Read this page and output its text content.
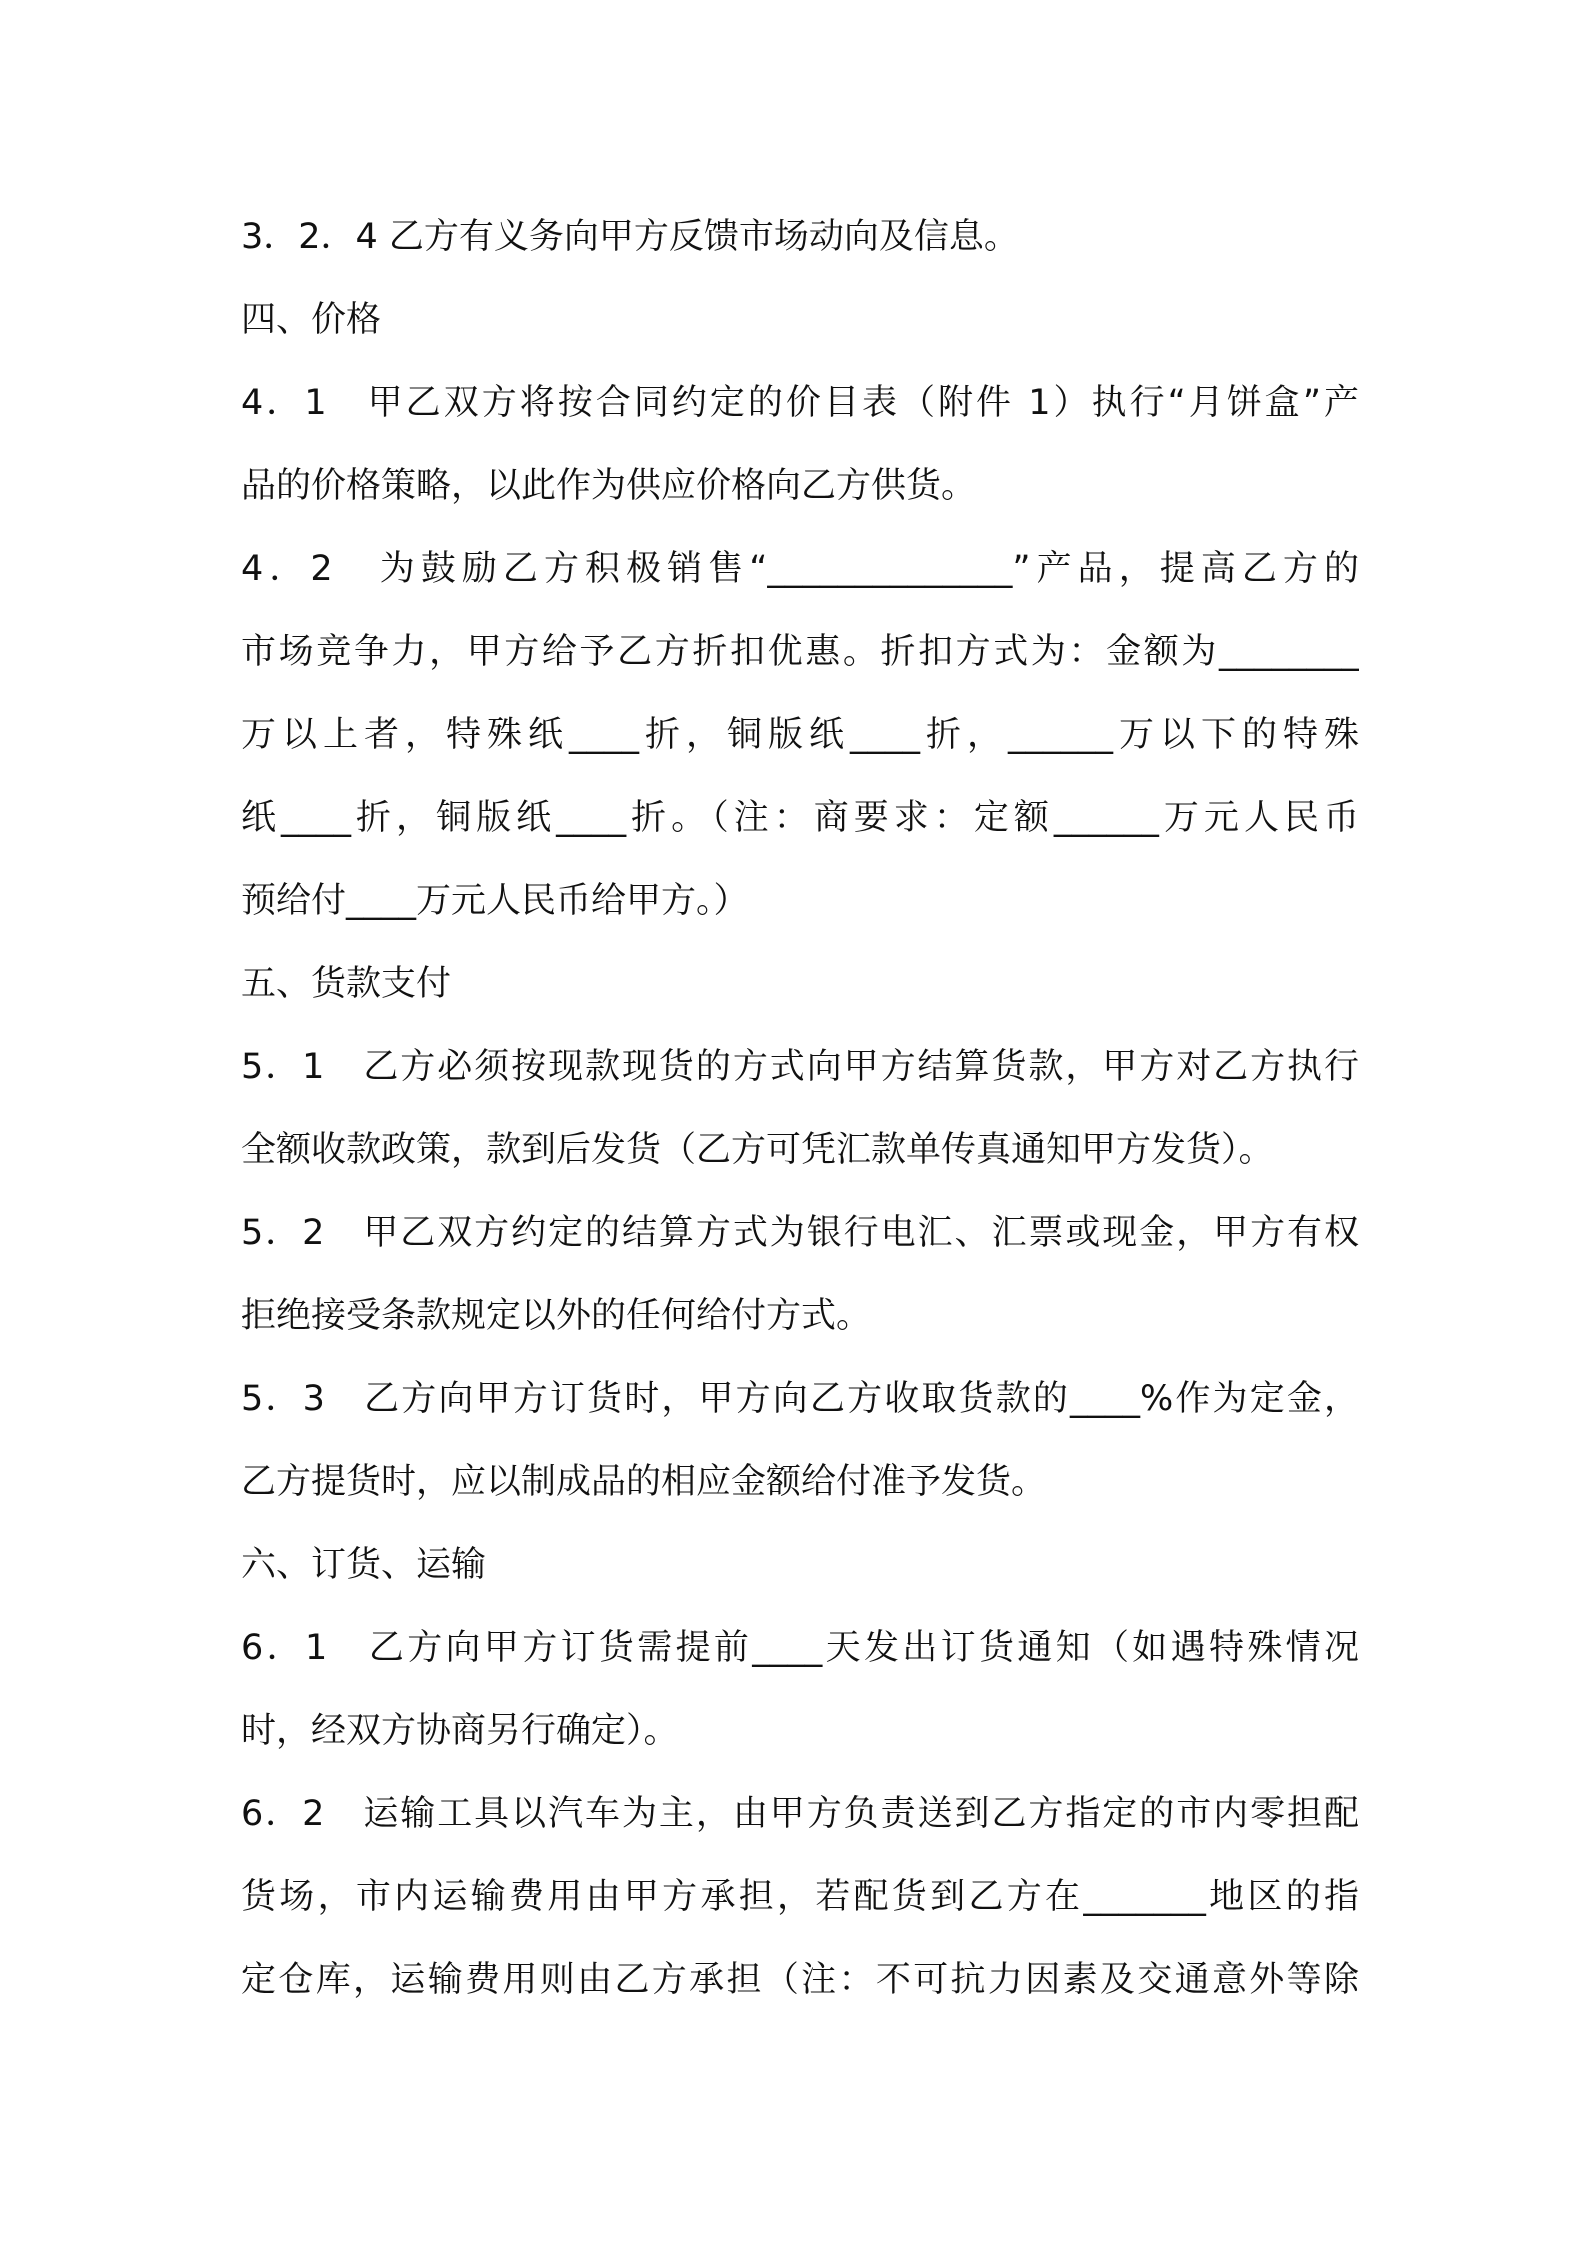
3．2．4 乙方有义务向甲方反馈市场动向及信息。
四、价格
4．1　甲乙双方将按合同约定的价目表（附件 1）执行“月饼盒”产
品的价格策略，以此作为供应价格向乙方供货。
4．2　为鼓励乙方积极销售“______________”产品，提高乙方的
市场竞争力，甲方给予乙方折扣优惠。折扣方式为：金额为________
万以上者，特殊纸____折，铜版纸____折，______万以下的特殊
纸____折，铜版纸____折。（注：商要求：定额______万元人民币
预给付____万元人民币给甲方。）
五、货款支付
5．1　乙方必须按现款现货的方式向甲方结算货款，甲方对乙方执行
全额收款政策，款到后发货（乙方可凭汇款单传真通知甲方发货）。
5．2　甲乙双方约定的结算方式为银行电汇、汇票或现金，甲方有权
拒绝接受条款规定以外的任何给付方式。
5．3　乙方向甲方订货时，甲方向乙方收取货款的____%作为定金，
乙方提货时，应以制成品的相应金额给付准予发货。
六、订货、运输
6．1　乙方向甲方订货需提前____天发出订货通知（如遇特殊情况
时，经双方协商另行确定）。
6．2　运输工具以汽车为主，由甲方负责送到乙方指定的市内零担配
货场，市内运输费用由甲方承担，若配货到乙方在_______地区的指
定仓库，运输费用则由乙方承担（注：不可抗力因素及交通意外等除
